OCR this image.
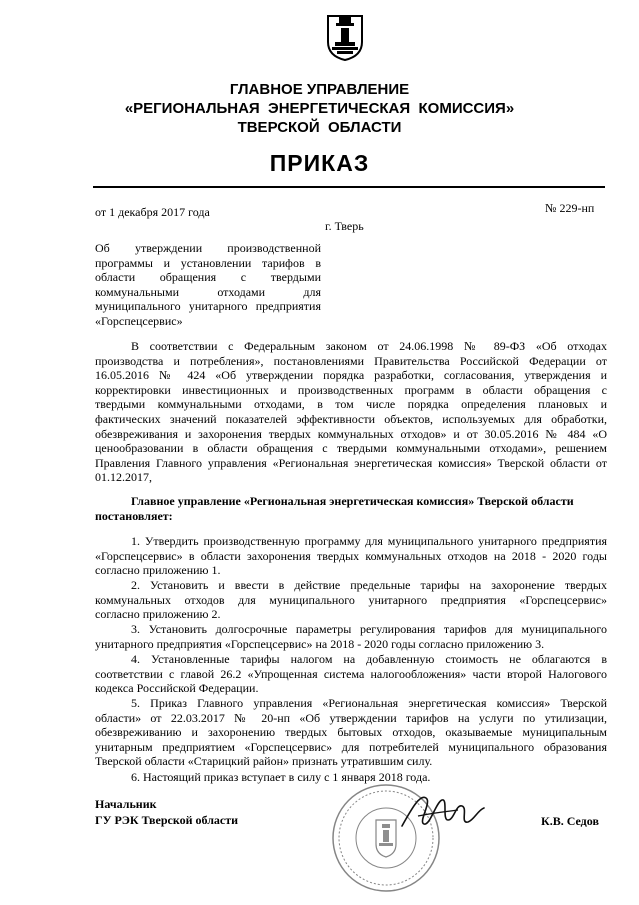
ГЛАВНОЕ УПРАВЛЕНИЕ
«РЕГИОНАЛЬНАЯ  ЭНЕРГЕТИЧЕСКАЯ  КОМИССИЯ»
ТВЕРСКОЙ  ОБЛАСТИ
ПРИКАЗ
от 1 декабря 2017 года	№ 229-нп
г. Тверь
Об утверждении производственной
программы и установлении тарифов в
области обращения с твердыми
коммунальными отходами для
муниципального унитарного предприятия
«Горспецсервис»
В соответствии с Федеральным законом от 24.06.1998 № 89-ФЗ «Об отходах
производства и потребления», постановлениями Правительства Российской Федерации от
16.05.2016 № 424 «Об утверждении порядка разработки, согласования, утверждения и
корректировки инвестиционных и производственных программ в области обращения с
твердыми коммунальными отходами, в том числе порядка определения плановых и
фактических значений показателей эффективности объектов, используемых для обработки,
обезвреживания и захоронения твердых коммунальных отходов» и от 30.05.2016 № 484 «О
ценообразовании в области обращения с твердыми коммунальными отходами», решением
Правления Главного управления «Региональная энергетическая комиссия» Тверской области от
01.12.2017,
Главное управление «Региональная энергетическая комиссия» Тверской области
постановляет:
1. Утвердить производственную программу для муниципального унитарного предприятия
«Горспецсервис» в области захоронения твердых коммунальных отходов на 2018 - 2020 годы
согласно приложению 1.
2. Установить и ввести в действие предельные тарифы на захоронение твердых
коммунальных отходов для муниципального унитарного предприятия «Горспецсервис»
согласно приложению 2.
3. Установить долгосрочные параметры регулирования тарифов для муниципального
унитарного предприятия «Горспецсервис» на 2018 - 2020 годы согласно приложению 3.
4. Установленные тарифы налогом на добавленную стоимость не облагаются в
соответствии с главой 26.2 «Упрощенная система налогообложения» части второй Налогового
кодекса Российской Федерации.
5. Приказ Главного управления «Региональная энергетическая комиссия» Тверской
области» от 22.03.2017 № 20-нп «Об утверждении тарифов на услуги по утилизации,
обезвреживанию и захоронению твердых бытовых отходов, оказываемые муниципальным
унитарным предприятием «Горспецсервис» для потребителей муниципального образования
Тверской области «Старицкий район» признать утратившим силу.
6. Настоящий приказ вступает в силу с 1 января 2018 года.
Начальник
ГУ РЭК Тверской области	К.В. Седов
